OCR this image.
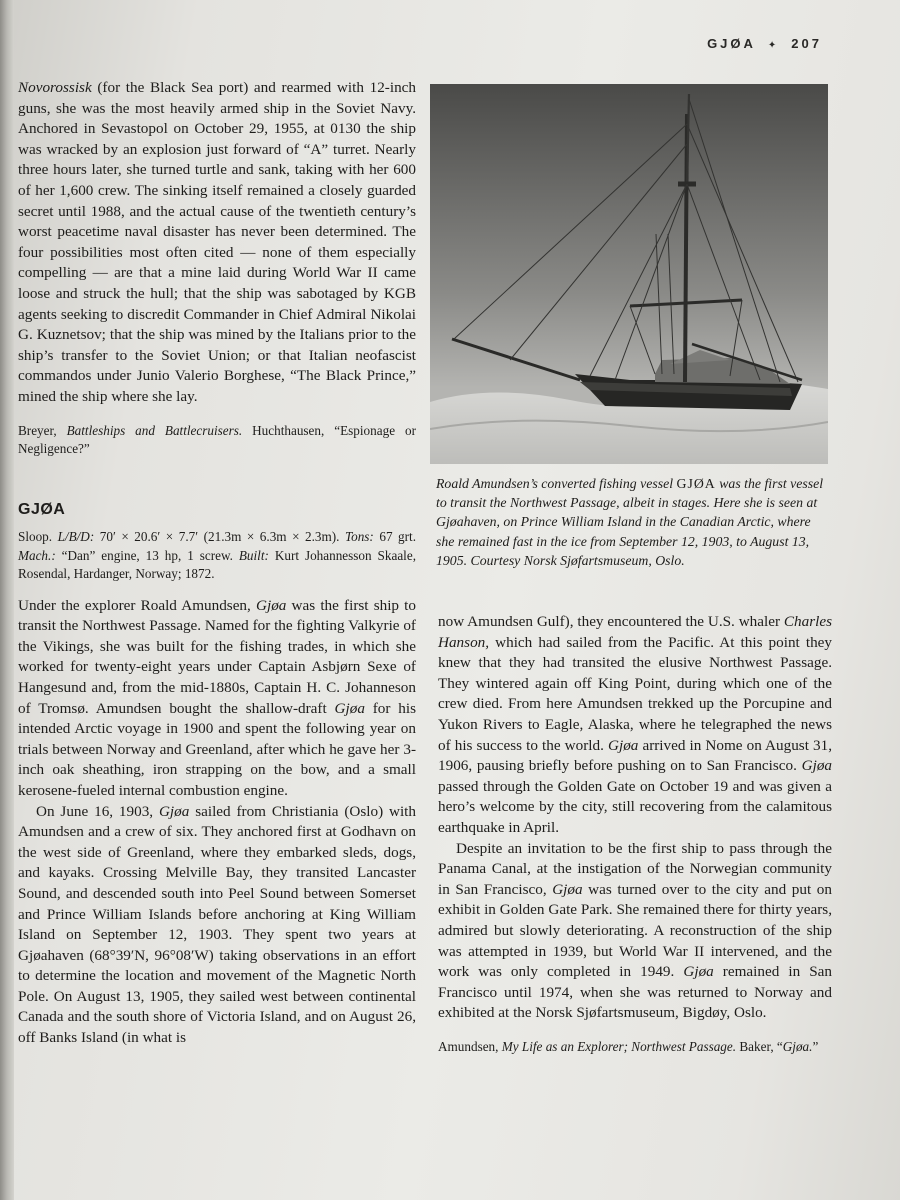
GJØA ✦ 207

Novorossisk (for the Black Sea port) and rearmed with 12-inch guns, she was the most heavily armed ship in the Soviet Navy. Anchored in Sevastopol on October 29, 1955, at 0130 the ship was wracked by an explosion just forward of “A” turret. Nearly three hours later, she turned turtle and sank, taking with her 600 of her 1,600 crew. The sinking itself remained a closely guarded secret until 1988, and the actual cause of the twentieth century’s worst peacetime naval disaster has never been determined. The four possibilities most often cited — none of them especially compelling — are that a mine laid during World War II came loose and struck the hull; that the ship was sabotaged by KGB agents seeking to discredit Commander in Chief Admiral Nikolai G. Kuznetsov; that the ship was mined by the Italians prior to the ship’s transfer to the Soviet Union; or that Italian neofascist commandos under Junio Valerio Borghese, “The Black Prince,” mined the ship where she lay.

Breyer, Battleships and Battlecruisers. Huchthausen, “Espionage or Negligence?”

GJØA

Sloop. L/B/D: 70′ × 20.6′ × 7.7′ (21.3m × 6.3m × 2.3m). Tons: 67 grt. Mach.: “Dan” engine, 13 hp, 1 screw. Built: Kurt Johannesson Skaale, Rosendal, Hardanger, Norway; 1872.

Under the explorer Roald Amundsen, Gjøa was the first ship to transit the Northwest Passage. Named for the fighting Valkyrie of the Vikings, she was built for the fishing trades, in which she worked for twenty-eight years under Captain Asbjørn Sexe of Hangesund and, from the mid-1880s, Captain H. C. Johanneson of Tromsø. Amundsen bought the shallow-draft Gjøa for his intended Arctic voyage in 1900 and spent the following year on trials between Norway and Greenland, after which he gave her 3-inch oak sheathing, iron strapping on the bow, and a small kerosene-fueled internal combustion engine.

On June 16, 1903, Gjøa sailed from Christiania (Oslo) with Amundsen and a crew of six. They anchored first at Godhavn on the west side of Greenland, where they embarked sleds, dogs, and kayaks. Crossing Melville Bay, they transited Lancaster Sound, and descended south into Peel Sound between Somerset and Prince William Islands before anchoring at King William Island on September 12, 1903. They spent two years at Gjøahaven (68°39′N, 96°08′W) taking observations in an effort to determine the location and movement of the Magnetic North Pole. On August 13, 1905, they sailed west between continental Canada and the south shore of Victoria Island, and on August 26, off Banks Island (in what is

Roald Amundsen’s converted fishing vessel GJØA was the first vessel to transit the Northwest Passage, albeit in stages. Here she is seen at Gjøahaven, on Prince William Island in the Canadian Arctic, where she remained fast in the ice from September 12, 1903, to August 13, 1905. Courtesy Norsk Sjøfartsmuseum, Oslo.

now Amundsen Gulf), they encountered the U.S. whaler Charles Hanson, which had sailed from the Pacific. At this point they knew that they had transited the elusive Northwest Passage. They wintered again off King Point, during which one of the crew died. From here Amundsen trekked up the Porcupine and Yukon Rivers to Eagle, Alaska, where he telegraphed the news of his success to the world. Gjøa arrived in Nome on August 31, 1906, pausing briefly before pushing on to San Francisco. Gjøa passed through the Golden Gate on October 19 and was given a hero’s welcome by the city, still recovering from the calamitous earthquake in April.

Despite an invitation to be the first ship to pass through the Panama Canal, at the instigation of the Norwegian community in San Francisco, Gjøa was turned over to the city and put on exhibit in Golden Gate Park. She remained there for thirty years, admired but slowly deteriorating. A reconstruction of the ship was attempted in 1939, but World War II intervened, and the work was only completed in 1949. Gjøa remained in San Francisco until 1974, when she was returned to Norway and exhibited at the Norsk Sjøfartsmuseum, Bigdøy, Oslo.

Amundsen, My Life as an Explorer; Northwest Passage. Baker, “Gjøa.”
